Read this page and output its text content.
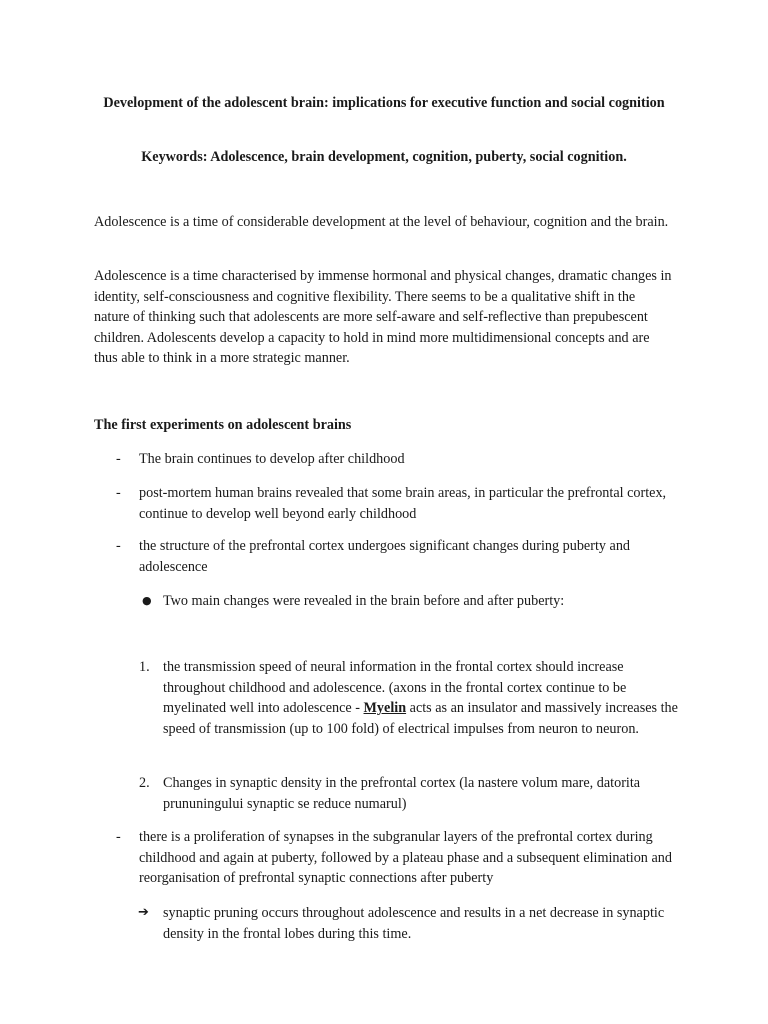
Development of the adolescent brain: implications for executive function and social cognition
Keywords: Adolescence, brain development, cognition, puberty, social cognition.
Adolescence is a time of considerable development at the level of behaviour, cognition and the brain.
Adolescence is a time characterised by immense hormonal and physical changes, dramatic changes in identity, self-consciousness and cognitive flexibility. There seems to be a qualitative shift in the nature of thinking such that adolescents are more self-aware and self-reflective than prepubescent children. Adolescents develop a capacity to hold in mind more multidimensional concepts and are thus able to think in a more strategic manner.
The first experiments on adolescent brains
- The brain continues to develop after childhood
- post-mortem human brains revealed that some brain areas, in particular the prefrontal cortex, continue to develop well beyond early childhood
- the structure of the prefrontal cortex undergoes significant changes during puberty and adolescence
● Two main changes were revealed in the brain before and after puberty:
1. the transmission speed of neural information in the frontal cortex should increase throughout childhood and adolescence. (axons in the frontal cortex continue to be myelinated well into adolescence - Myelin acts as an insulator and massively increases the speed of transmission (up to 100 fold) of electrical impulses from neuron to neuron.
2. Changes in synaptic density in the prefrontal cortex (la nastere volum mare, datorita prununingului synaptic se reduce numarul)
- there is a proliferation of synapses in the subgranular layers of the prefrontal cortex during childhood and again at puberty, followed by a plateau phase and a subsequent elimination and reorganisation of prefrontal synaptic connections after puberty
➔ synaptic pruning occurs throughout adolescence and results in a net decrease in synaptic density in the frontal lobes during this time.
